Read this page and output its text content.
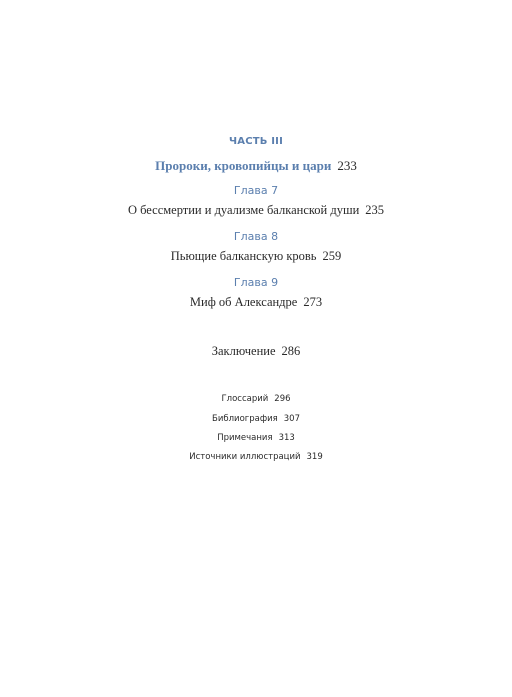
ЧАСТЬ III
Пророки, кровопийцы и цари 233
Глава 7
О бессмертии и дуализме балканской души 235
Глава 8
Пьющие балканскую кровь 259
Глава 9
Миф об Александре 273
Заключение 286
Глоссарий 296
Библиография 307
Примечания 313
Источники иллюстраций 319
